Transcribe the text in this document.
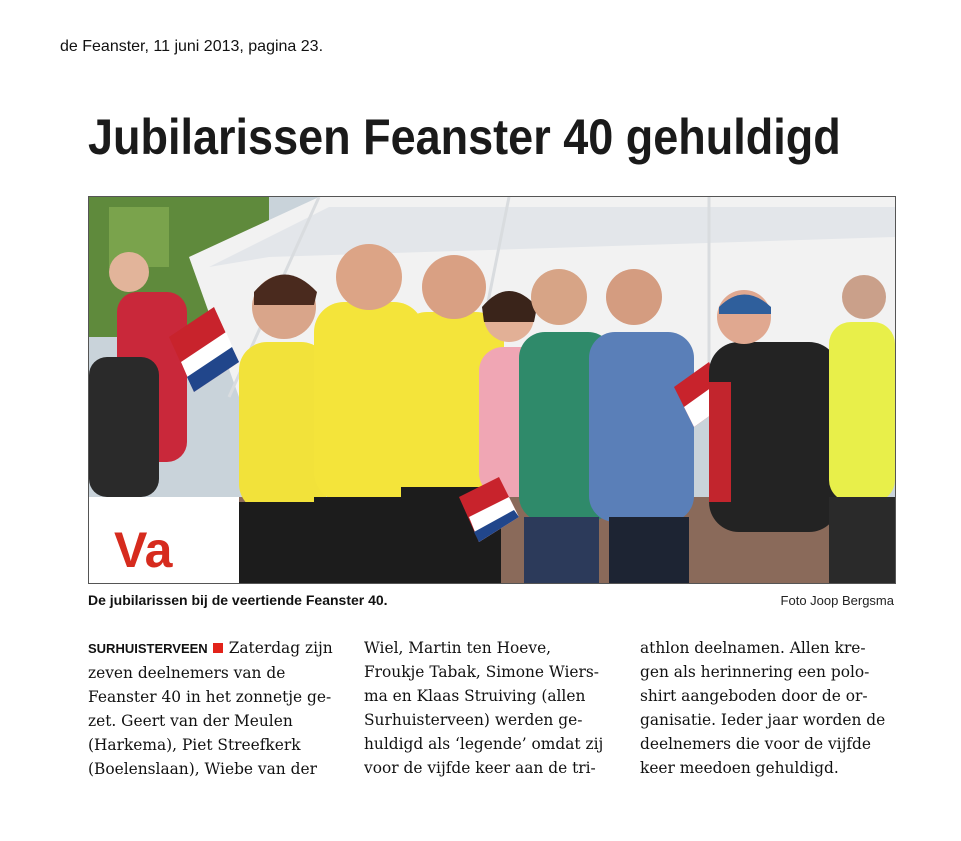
de Feanster, 11 juni 2013, pagina 23.
Jubilarissen Feanster 40 gehuldigd
Va
De jubilarissen bij de veertiende Feanster 40.	Foto Joop Bergsma
SURHUISTERVEEN Zaterdag zijn
zeven deelnemers van de
Feanster 40 in het zonnetje ge-
zet. Geert van der Meulen
(Harkema), Piet Streefkerk
(Boelenslaan), Wiebe van der
Wiel, Martin ten Hoeve,
Froukje Tabak, Simone Wiers-
ma en Klaas Struiving (allen
Surhuisterveen) werden ge-
huldigd als ‘legende’ omdat zij
voor de vijfde keer aan de tri-
athlon deelnamen. Allen kre-
gen als herinnering een polo-
shirt aangeboden door de or-
ganisatie. Ieder jaar worden de
deelnemers die voor de vijfde
keer meedoen gehuldigd.
